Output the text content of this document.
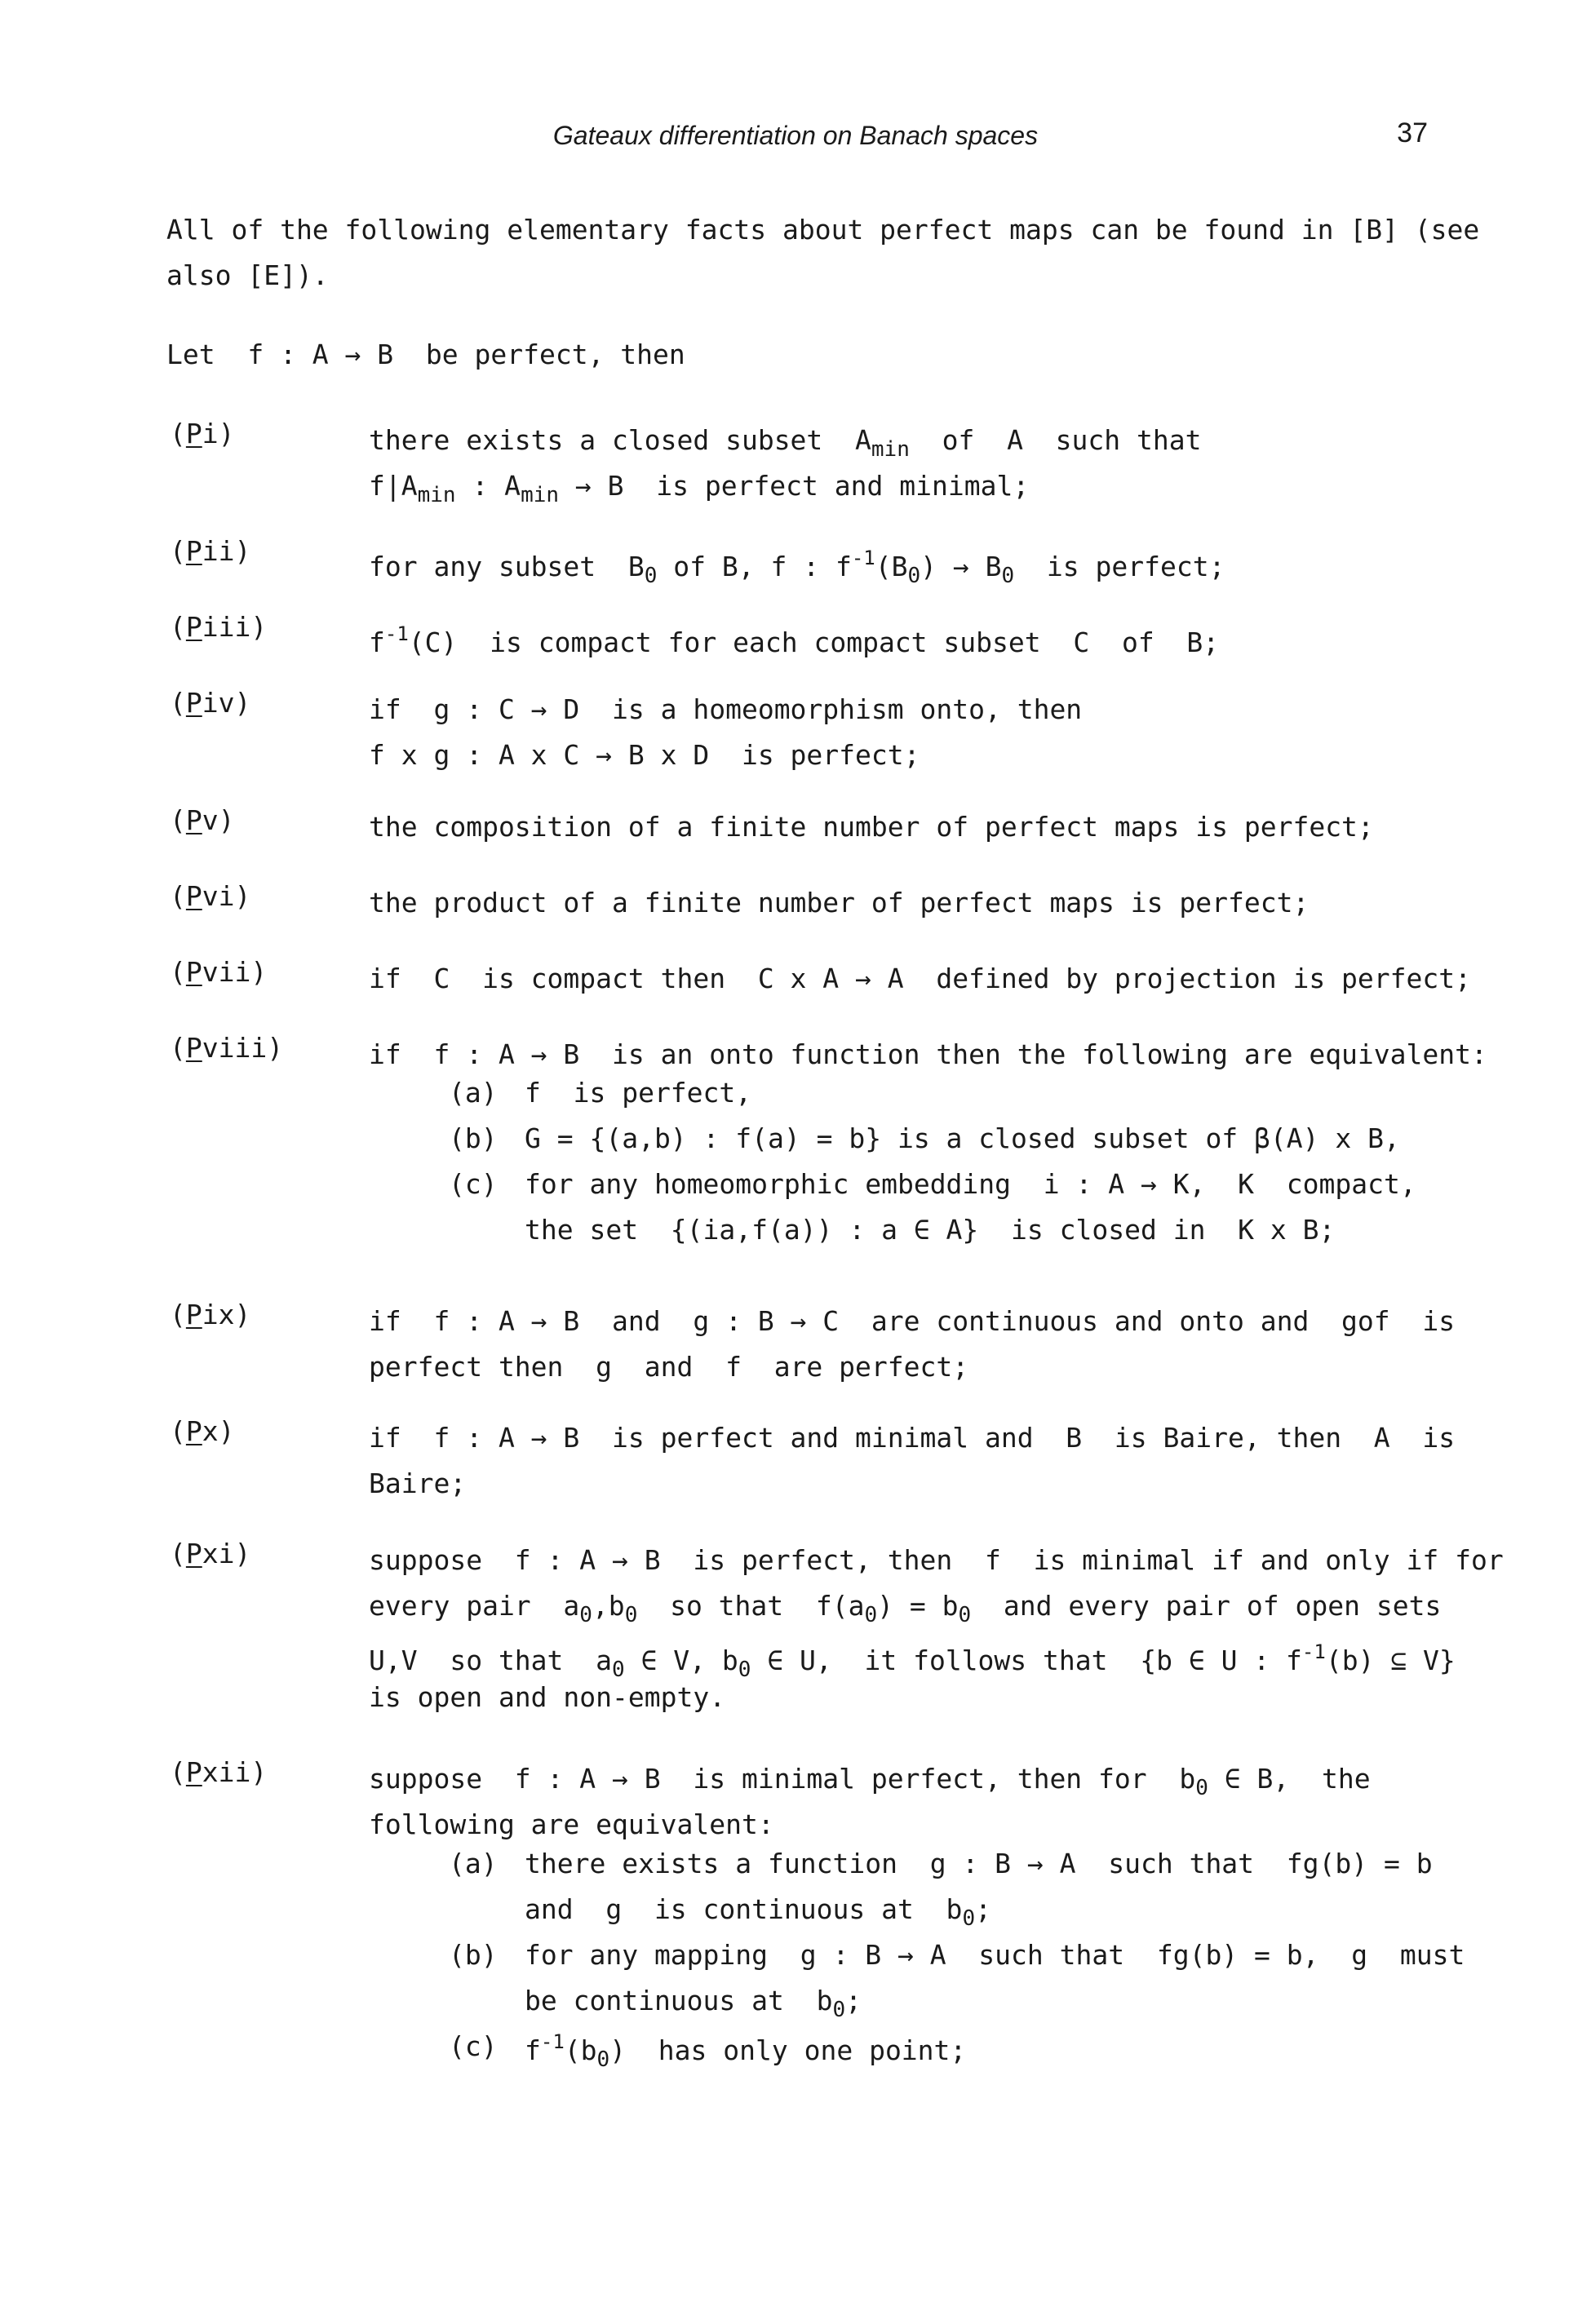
Gateaux differentiation on Banach spaces	37
All of the following elementary facts about perfect maps can be found in [B] (see
also [E]).
Let  f : A → B  be perfect, then
(Pi)	there exists a closed subset  $A_{min}$  of  A  such that
$f|A_{min}$ : $A_{min} \to B$  is perfect and minimal;
(Pii)	for any subset  $B_0$ of B, f : $f^{-1}(B_0) \to B_0$  is perfect;
(Piii)	$f^{-1}(C)$  is compact for each compact subset  C  of  B;
(Piv)	if  g : C → D  is a homeomorphism onto, then
f x g : A x C → B x D  is perfect;
(Pv)	the composition of a finite number of perfect maps is perfect;
(Pvi)	the product of a finite number of perfect maps is perfect;
(Pvii)	if  C  is compact then  C x A → A  defined by projection is perfect;
(Pviii)	if  f : A → B  is an onto function then the following are equivalent:
(a) f  is perfect,
(b) G = {(a,b) : f(a) = b} is a closed subset of β(A) x B,
(c) for any homeomorphic embedding  i : A → K,  K  compact,
the set  {(ia,f(a)) : a ∈ A}  is closed in  K x B;
(Pix)	if  f : A → B  and  g : B → C  are continuous and onto and  gof  is
perfect then  g  and  f  are perfect;
(Px)	if  f : A → B  is perfect and minimal and  B  is Baire, then  A  is
Baire;
(Pxi)	suppose  f : A → B  is perfect, then  f  is minimal if and only if for
every pair  $a_0,b_0$  so that  $f(a_0) = b_0$  and every pair of open sets
U,V  so that  $a_0$ ∈ V, $b_0$ ∈ U,  it follows that  {b ∈ U : $f^{-1}(b)$ ⊆ V}
is open and non-empty.
(Pxii)	suppose  f : A → B  is minimal perfect, then for  $b_0$ ∈ B,  the
following are equivalent:
(a) there exists a function  g : B → A  such that  fg(b) = b
and  g  is continuous at  $b_0$;
(b) for any mapping  g : B → A  such that  fg(b) = b,  g  must
be continuous at  $b_0$;
(c) $f^{-1}(b_0)$  has only one point;
